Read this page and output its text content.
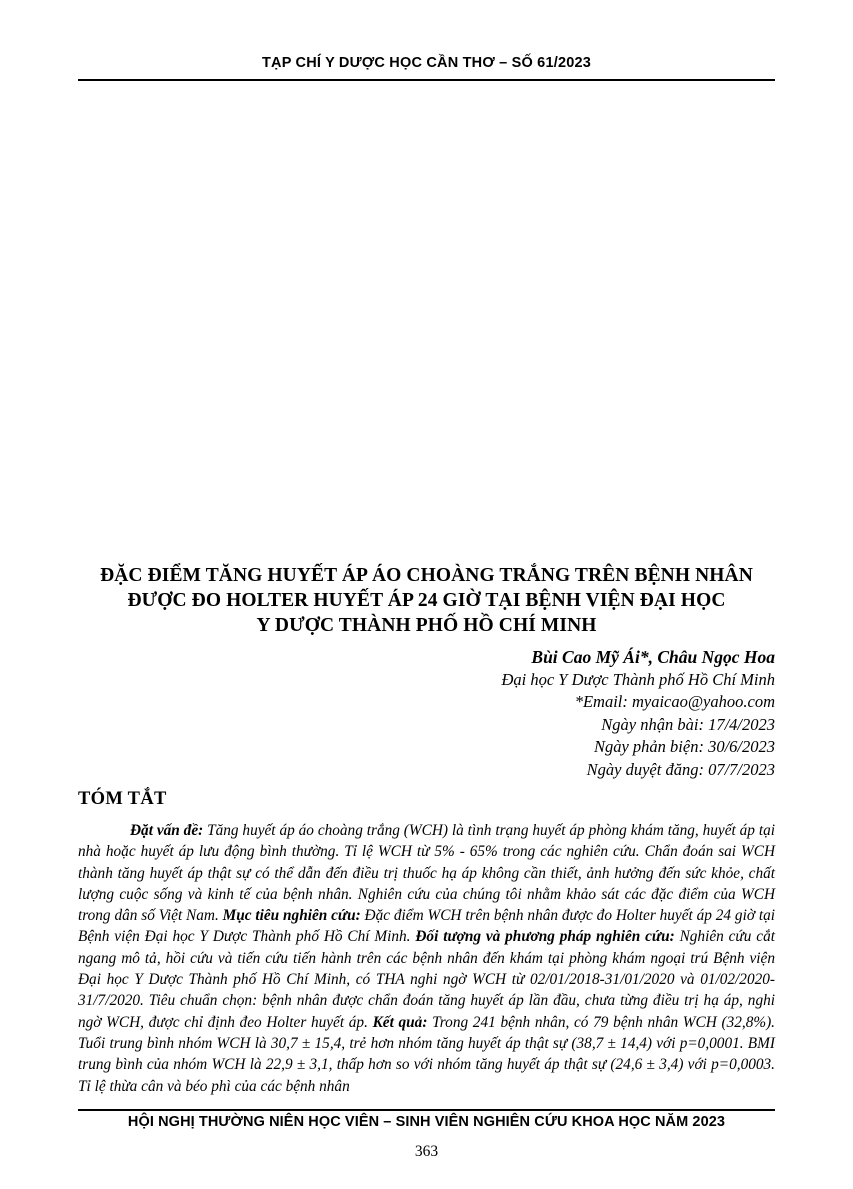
TẠP CHÍ Y DƯỢC HỌC CẦN THƠ – SỐ 61/2023
ĐẶC ĐIỂM TĂNG HUYẾT ÁP ÁO CHOÀNG TRẮNG TRÊN BỆNH NHÂN
ĐƯỢC ĐO HOLTER HUYẾT ÁP 24 GIỜ TẠI BỆNH VIỆN ĐẠI HỌC
Y DƯỢC THÀNH PHỐ HỒ CHÍ MINH
Bùi Cao Mỹ Ái*, Châu Ngọc Hoa
Đại học Y Dược Thành phố Hồ Chí Minh
*Email: myaicao@yahoo.com
Ngày nhận bài: 17/4/2023
Ngày phản biện: 30/6/2023
Ngày duyệt đăng: 07/7/2023
TÓM TẮT
Đặt vấn đề: Tăng huyết áp áo choàng trắng (WCH) là tình trạng huyết áp phòng khám tăng, huyết áp tại nhà hoặc huyết áp lưu động bình thường. Tỉ lệ WCH từ 5% - 65% trong các nghiên cứu. Chẩn đoán sai WCH thành tăng huyết áp thật sự có thể dẫn đến điều trị thuốc hạ áp không cần thiết, ảnh hưởng đến sức khỏe, chất lượng cuộc sống và kinh tế của bệnh nhân. Nghiên cứu của chúng tôi nhằm khảo sát các đặc điểm của WCH trong dân số Việt Nam. Mục tiêu nghiên cứu: Đặc điểm WCH trên bệnh nhân được đo Holter huyết áp 24 giờ tại Bệnh viện Đại học Y Dược Thành phố Hồ Chí Minh. Đối tượng và phương pháp nghiên cứu: Nghiên cứu cắt ngang mô tả, hồi cứu và tiến cứu tiến hành trên các bệnh nhân đến khám tại phòng khám ngoại trú Bệnh viện Đại học Y Dược Thành phố Hồ Chí Minh, có THA nghi ngờ WCH từ 02/01/2018-31/01/2020 và 01/02/2020-31/7/2020. Tiêu chuẩn chọn: bệnh nhân được chẩn đoán tăng huyết áp lần đầu, chưa từng điều trị hạ áp, nghi ngờ WCH, được chỉ định đeo Holter huyết áp. Kết quả: Trong 241 bệnh nhân, có 79 bệnh nhân WCH (32,8%). Tuổi trung bình nhóm WCH là 30,7 ± 15,4, trẻ hơn nhóm tăng huyết áp thật sự (38,7 ± 14,4) với p=0,0001. BMI trung bình của nhóm WCH là 22,9 ± 3,1, thấp hơn so với nhóm tăng huyết áp thật sự (24,6 ± 3,4) với p=0,0003. Tỉ lệ thừa cân và béo phì của các bệnh nhân
HỘI NGHỊ THƯỜNG NIÊN HỌC VIÊN – SINH VIÊN NGHIÊN CỨU KHOA HỌC NĂM 2023
363
